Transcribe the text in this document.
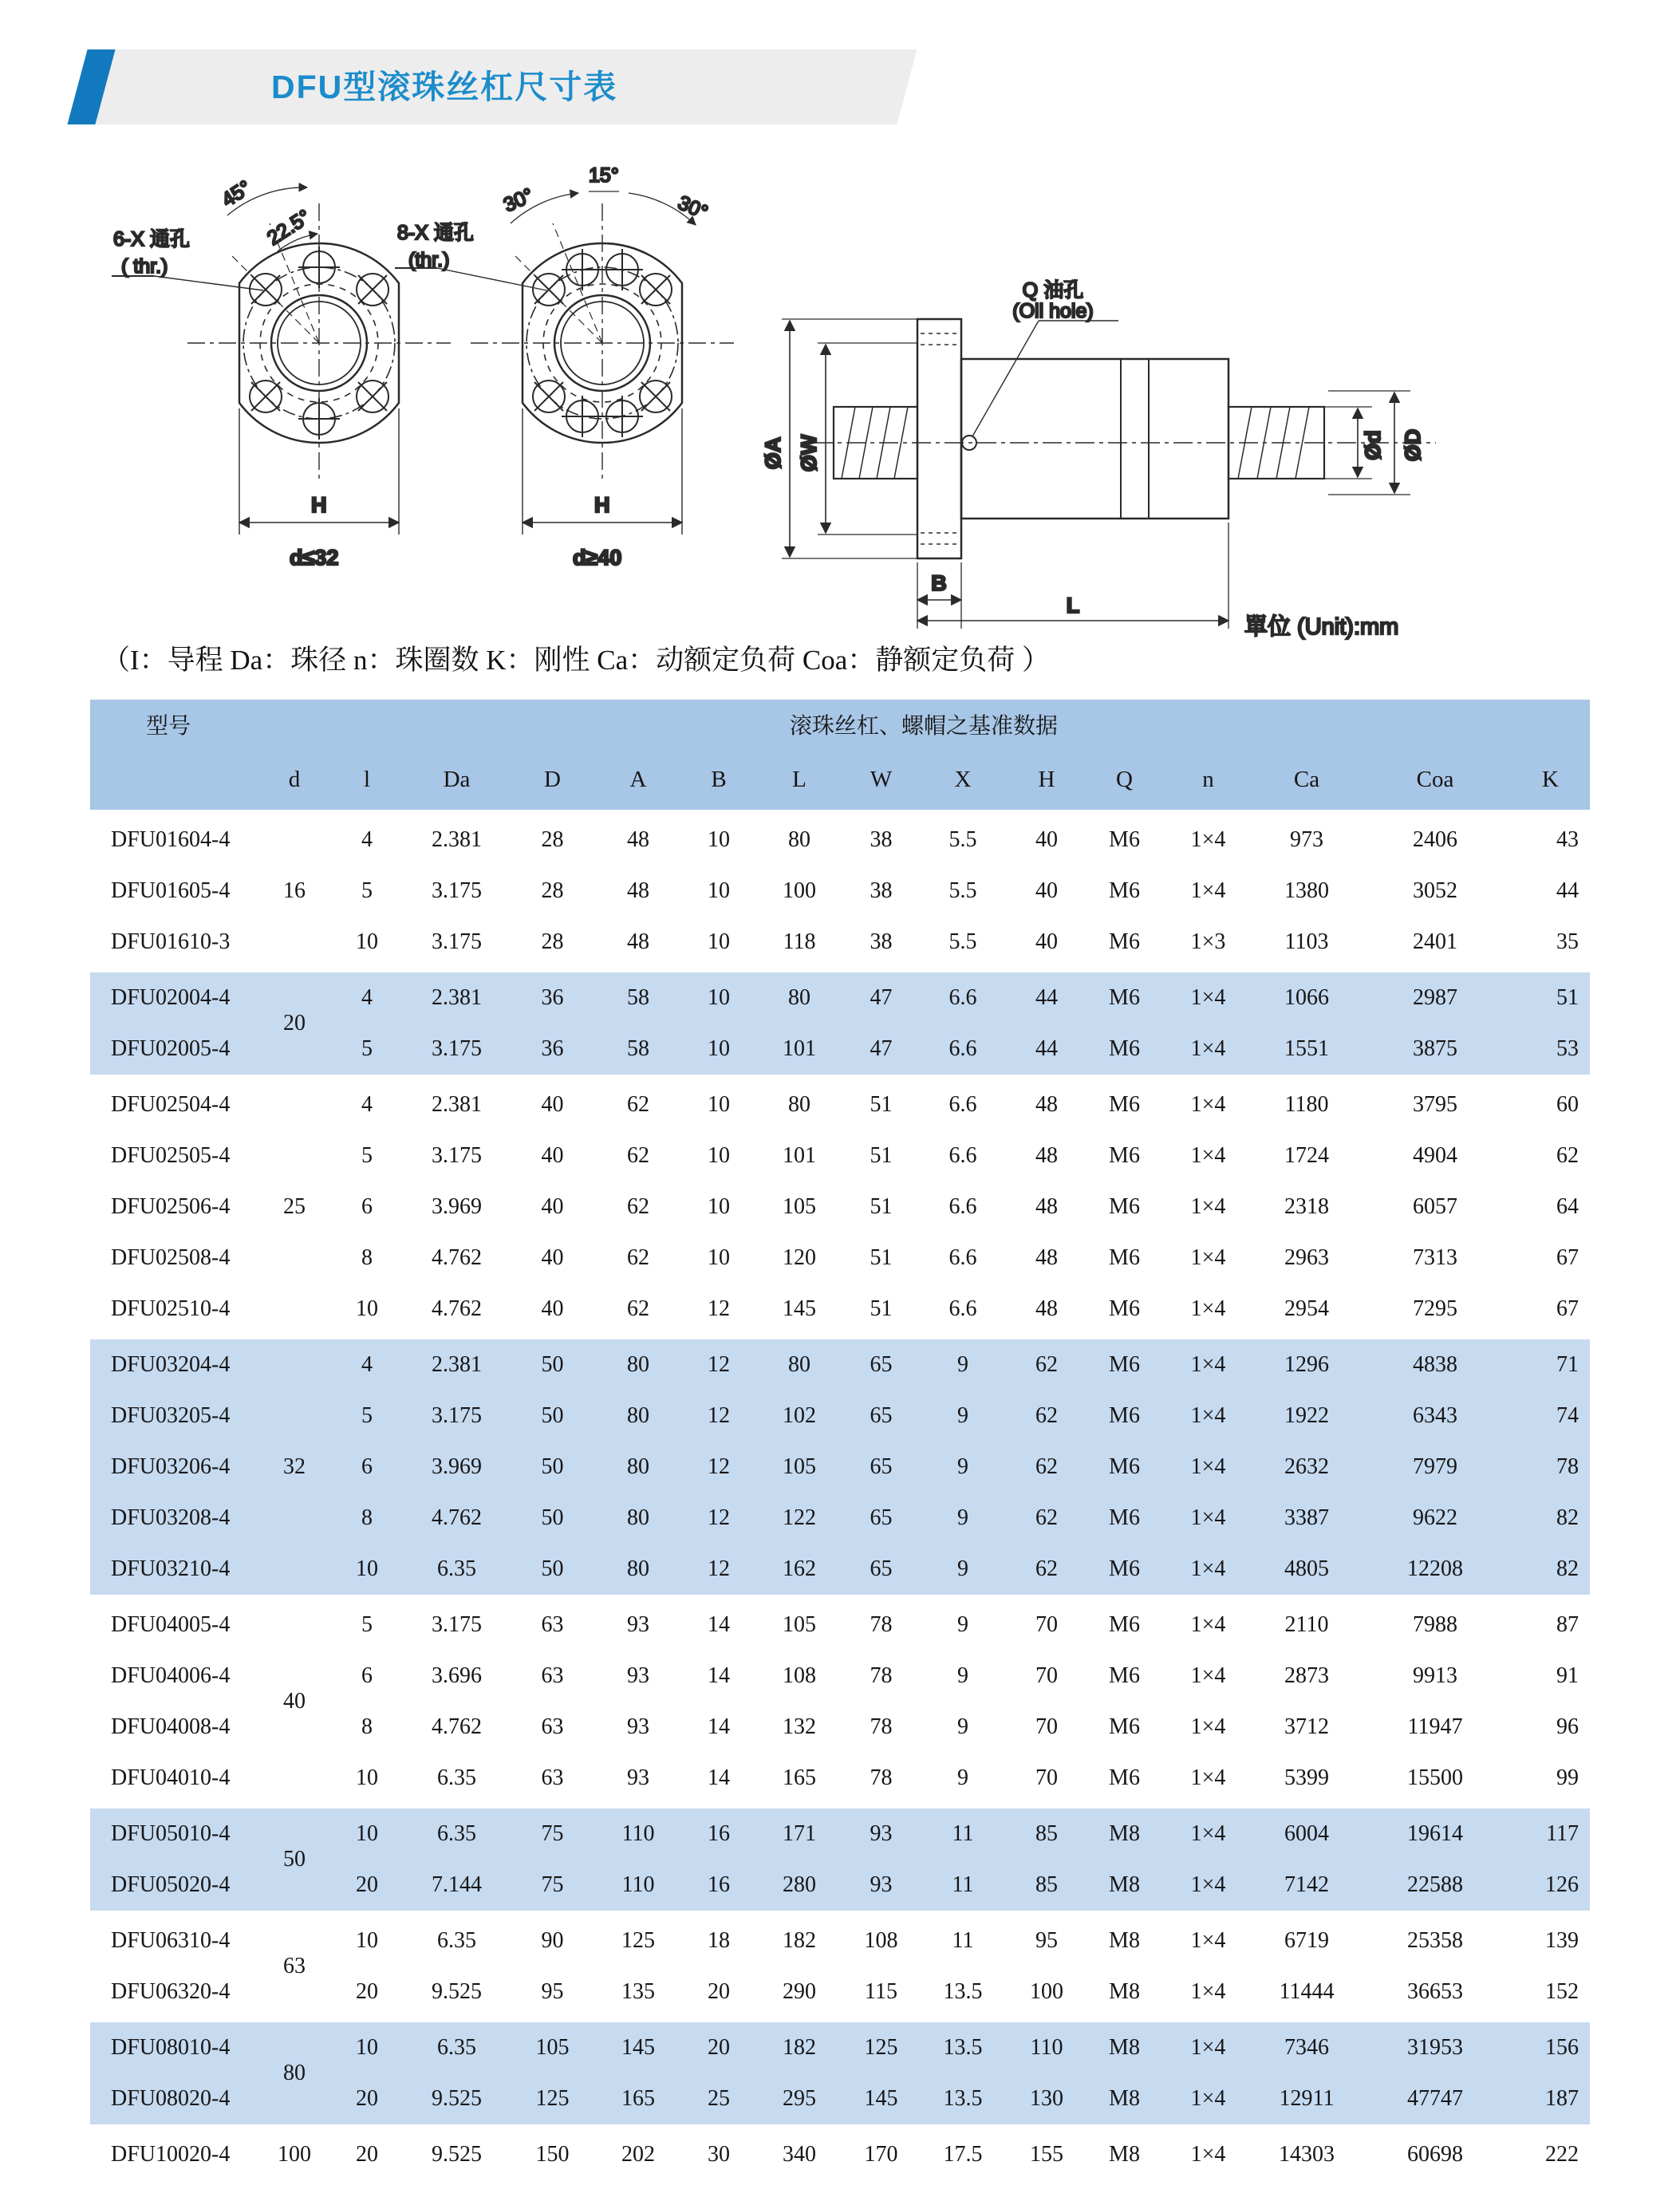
DFU型滚珠丝杠尺寸表
6-X 通孔
( thr.)
45°
22.5°
H
d≤32
8-X 通孔
(thr.)
30°
15°
30°
H
d≥40
Q 油孔
(Oil hole)
ØA ØW	Ød ØD
B
L
單位 (Unit):mm
（I：导程 Da：珠径 n：珠圈数 K：刚性 Ca：动额定负荷 Coa：静额定负荷 ）
型号	滚珠丝杠、螺帽之基准数据														
	d	l	Da	D	A	B	L	W	X	H	Q	n	Ca	Coa	K
DFU01604-4	16	4	2.381	28	48	10	80	38	5.5	40	M6	1×4	973	2406	43
DFU01605-4		5	3.175	28	48	10	100	38	5.5	40	M6	1×4	1380	3052	44
DFU01610-3		10	3.175	28	48	10	118	38	5.5	40	M6	1×3	1103	2401	35
DFU02004-4	20	4	2.381	36	58	10	80	47	6.6	44	M6	1×4	1066	2987	51
DFU02005-4		5	3.175	36	58	10	101	47	6.6	44	M6	1×4	1551	3875	53
DFU02504-4	25	4	2.381	40	62	10	80	51	6.6	48	M6	1×4	1180	3795	60
DFU02505-4		5	3.175	40	62	10	101	51	6.6	48	M6	1×4	1724	4904	62
DFU02506-4		6	3.969	40	62	10	105	51	6.6	48	M6	1×4	2318	6057	64
DFU02508-4		8	4.762	40	62	10	120	51	6.6	48	M6	1×4	2963	7313	67
DFU02510-4		10	4.762	40	62	12	145	51	6.6	48	M6	1×4	2954	7295	67
DFU03204-4	32	4	2.381	50	80	12	80	65	9	62	M6	1×4	1296	4838	71
DFU03205-4		5	3.175	50	80	12	102	65	9	62	M6	1×4	1922	6343	74
DFU03206-4		6	3.969	50	80	12	105	65	9	62	M6	1×4	2632	7979	78
DFU03208-4		8	4.762	50	80	12	122	65	9	62	M6	1×4	3387	9622	82
DFU03210-4		10	6.35	50	80	12	162	65	9	62	M6	1×4	4805	12208	82
DFU04005-4	40	5	3.175	63	93	14	105	78	9	70	M6	1×4	2110	7988	87
DFU04006-4		6	3.696	63	93	14	108	78	9	70	M6	1×4	2873	9913	91
DFU04008-4		8	4.762	63	93	14	132	78	9	70	M6	1×4	3712	11947	96
DFU04010-4		10	6.35	63	93	14	165	78	9	70	M6	1×4	5399	15500	99
DFU05010-4	50	10	6.35	75	110	16	171	93	11	85	M8	1×4	6004	19614	117
DFU05020-4		20	7.144	75	110	16	280	93	11	85	M8	1×4	7142	22588	126
DFU06310-4	63	10	6.35	90	125	18	182	108	11	95	M8	1×4	6719	25358	139
DFU06320-4		20	9.525	95	135	20	290	115	13.5	100	M8	1×4	11444	36653	152
DFU08010-4	80	10	6.35	105	145	20	182	125	13.5	110	M8	1×4	7346	31953	156
DFU08020-4		20	9.525	125	165	25	295	145	13.5	130	M8	1×4	12911	47747	187
DFU10020-4	100	20	9.525	150	202	30	340	170	17.5	155	M8	1×4	14303	60698	222
